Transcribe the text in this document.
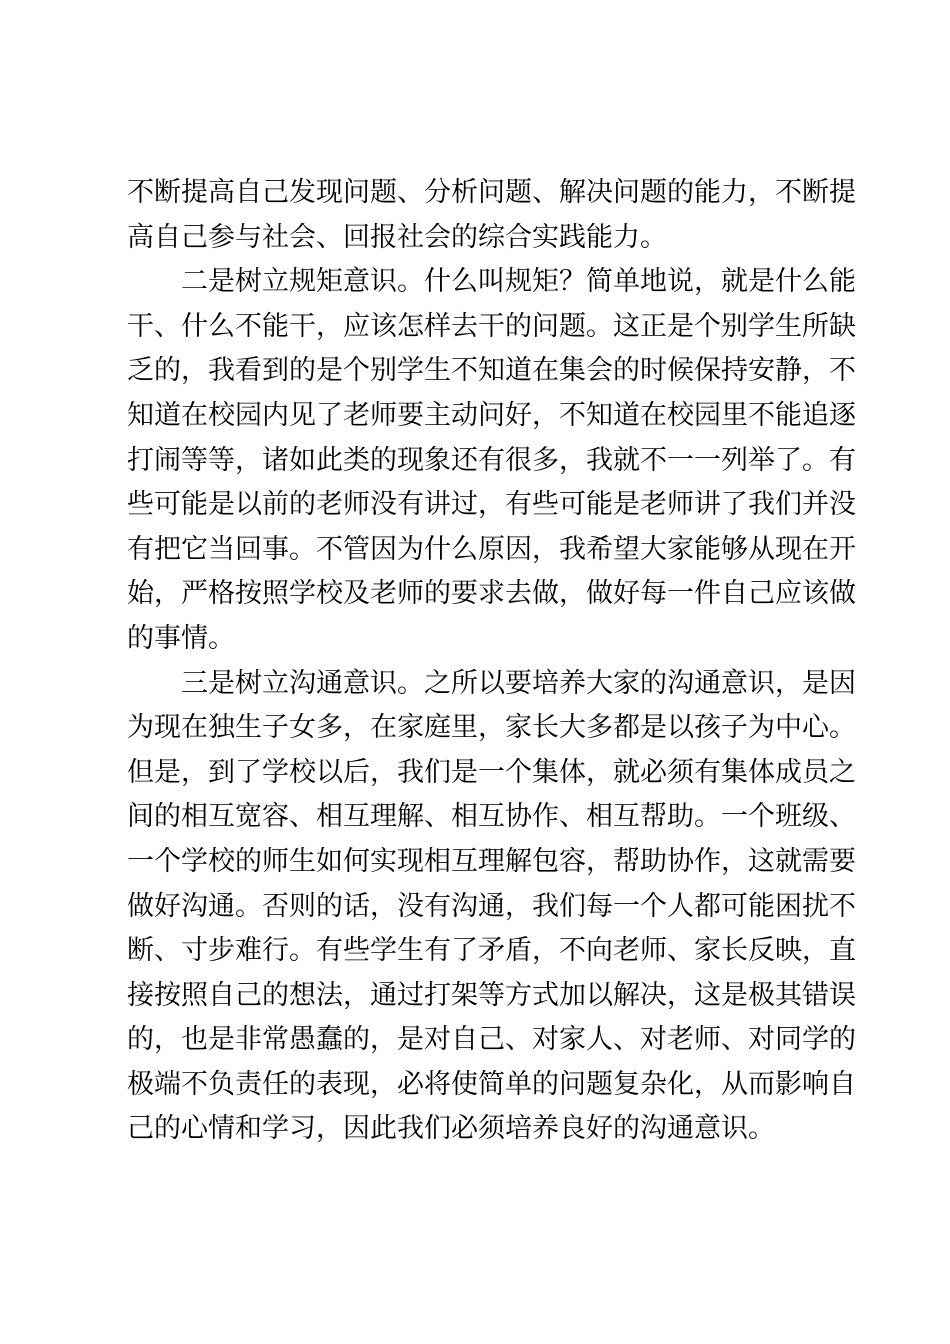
不断提高自己发现问题、分析问题、解决问题的能力，不断提
高自己参与社会、回报社会的综合实践能力。
二是树立规矩意识。什么叫规矩？简单地说，就是什么能
干、什么不能干，应该怎样去干的问题。这正是个别学生所缺
乏的，我看到的是个别学生不知道在集会的时候保持安静，不
知道在校园内见了老师要主动问好，不知道在校园里不能追逐
打闹等等，诸如此类的现象还有很多，我就不一一列举了。有
些可能是以前的老师没有讲过，有些可能是老师讲了我们并没
有把它当回事。不管因为什么原因，我希望大家能够从现在开
始，严格按照学校及老师的要求去做，做好每一件自己应该做
的事情。
三是树立沟通意识。之所以要培养大家的沟通意识，是因
为现在独生子女多，在家庭里，家长大多都是以孩子为中心。
但是，到了学校以后，我们是一个集体，就必须有集体成员之
间的相互宽容、相互理解、相互协作、相互帮助。一个班级、
一个学校的师生如何实现相互理解包容，帮助协作，这就需要
做好沟通。否则的话，没有沟通，我们每一个人都可能困扰不
断、寸步难行。有些学生有了矛盾，不向老师、家长反映，直
接按照自己的想法，通过打架等方式加以解决，这是极其错误
的，也是非常愚蠢的，是对自己、对家人、对老师、对同学的
极端不负责任的表现，必将使简单的问题复杂化，从而影响自
己的心情和学习，因此我们必须培养良好的沟通意识。
